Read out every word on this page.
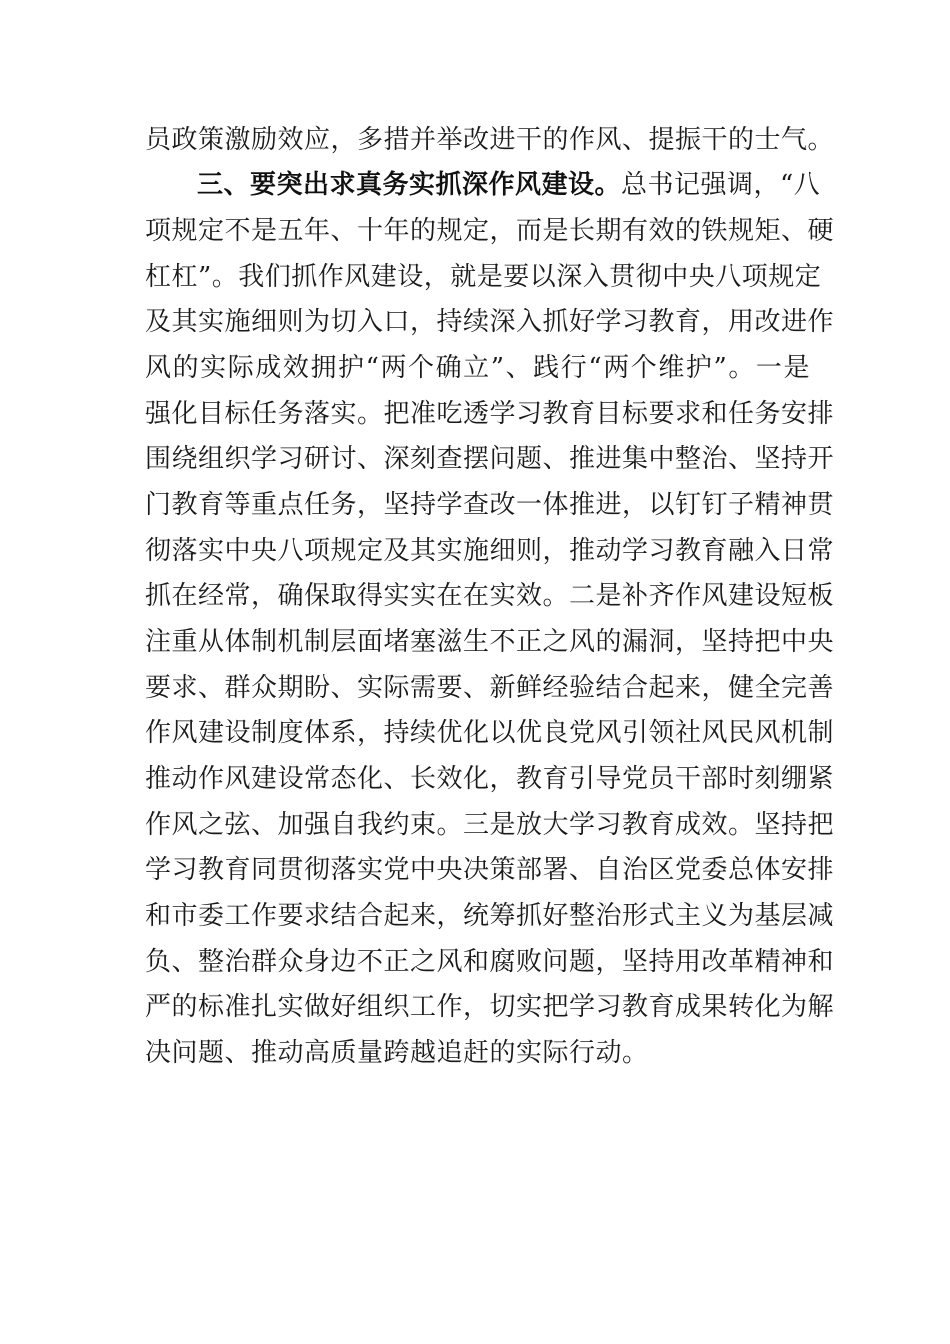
员政策激励效应，多措并举改进干的作风、提振干的士气。
三、要突出求真务实抓深作风建设。总书记强调，“八
项规定不是五年、十年的规定，而是长期有效的铁规矩、硬
杠杠”。我们抓作风建设，就是要以深入贯彻中央八项规定
及其实施细则为切入口，持续深入抓好学习教育，用改进作
风的实际成效拥护“两个确立”、践行“两个维护”。一是
强化目标任务落实。把准吃透学习教育目标要求和任务安排
围绕组织学习研讨、深刻查摆问题、推进集中整治、坚持开
门教育等重点任务，坚持学查改一体推进，以钉钉子精神贯
彻落实中央八项规定及其实施细则，推动学习教育融入日常
抓在经常，确保取得实实在在实效。二是补齐作风建设短板
注重从体制机制层面堵塞滋生不正之风的漏洞，坚持把中央
要求、群众期盼、实际需要、新鲜经验结合起来，健全完善
作风建设制度体系，持续优化以优良党风引领社风民风机制
推动作风建设常态化、长效化，教育引导党员干部时刻绷紧
作风之弦、加强自我约束。三是放大学习教育成效。坚持把
学习教育同贯彻落实党中央决策部署、自治区党委总体安排
和市委工作要求结合起来，统筹抓好整治形式主义为基层减
负、整治群众身边不正之风和腐败问题，坚持用改革精神和
严的标准扎实做好组织工作，切实把学习教育成果转化为解
决问题、推动高质量跨越追赶的实际行动。
